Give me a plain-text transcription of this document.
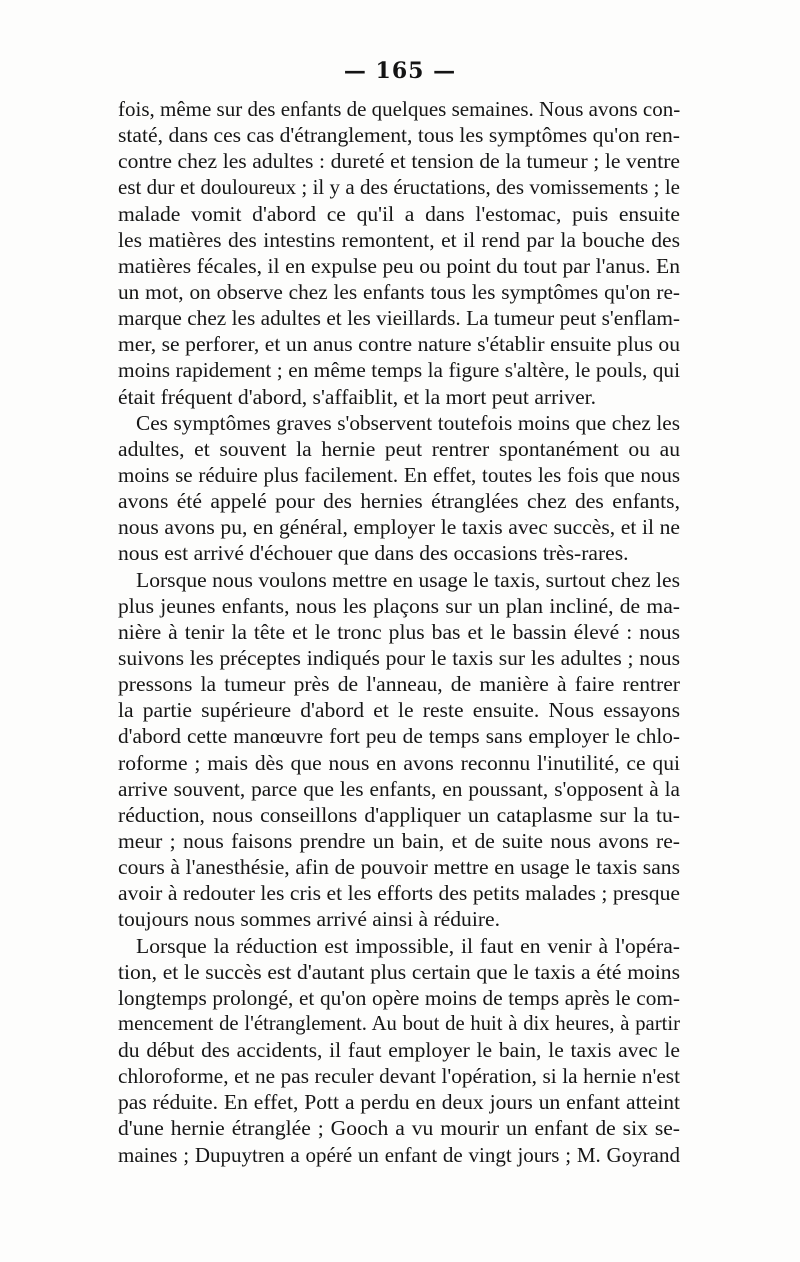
— 165 —
fois, même sur des enfants de quelques semaines. Nous avons con-
staté, dans ces cas d'étranglement, tous les symptômes qu'on ren-
contre chez les adultes : dureté et tension de la tumeur ; le ventre
est dur et douloureux ; il y a des éructations, des vomissements ; le
malade vomit d'abord ce qu'il a dans l'estomac, puis ensuite
les matières des intestins remontent, et il rend par la bouche des
matières fécales, il en expulse peu ou point du tout par l'anus. En
un mot, on observe chez les enfants tous les symptômes qu'on re-
marque chez les adultes et les vieillards. La tumeur peut s'enflam-
mer, se perforer, et un anus contre nature s'établir ensuite plus ou
moins rapidement ; en même temps la figure s'altère, le pouls, qui
était fréquent d'abord, s'affaiblit, et la mort peut arriver.
Ces symptômes graves s'observent toutefois moins que chez les
adultes, et souvent la hernie peut rentrer spontanément ou au
moins se réduire plus facilement. En effet, toutes les fois que nous
avons été appelé pour des hernies étranglées chez des enfants,
nous avons pu, en général, employer le taxis avec succès, et il ne
nous est arrivé d'échouer que dans des occasions très-rares.
Lorsque nous voulons mettre en usage le taxis, surtout chez les
plus jeunes enfants, nous les plaçons sur un plan incliné, de ma-
nière à tenir la tête et le tronc plus bas et le bassin élevé : nous
suivons les préceptes indiqués pour le taxis sur les adultes ; nous
pressons la tumeur près de l'anneau, de manière à faire rentrer
la partie supérieure d'abord et le reste ensuite. Nous essayons
d'abord cette manœuvre fort peu de temps sans employer le chlo-
roforme ; mais dès que nous en avons reconnu l'inutilité, ce qui
arrive souvent, parce que les enfants, en poussant, s'opposent à la
réduction, nous conseillons d'appliquer un cataplasme sur la tu-
meur ; nous faisons prendre un bain, et de suite nous avons re-
cours à l'anesthésie, afin de pouvoir mettre en usage le taxis sans
avoir à redouter les cris et les efforts des petits malades ; presque
toujours nous sommes arrivé ainsi à réduire.
Lorsque la réduction est impossible, il faut en venir à l'opéra-
tion, et le succès est d'autant plus certain que le taxis a été moins
longtemps prolongé, et qu'on opère moins de temps après le com-
mencement de l'étranglement. Au bout de huit à dix heures, à partir
du début des accidents, il faut employer le bain, le taxis avec le
chloroforme, et ne pas reculer devant l'opération, si la hernie n'est
pas réduite. En effet, Pott a perdu en deux jours un enfant atteint
d'une hernie étranglée ; Gooch a vu mourir un enfant de six se-
maines ; Dupuytren a opéré un enfant de vingt jours ; M. Goyrand
